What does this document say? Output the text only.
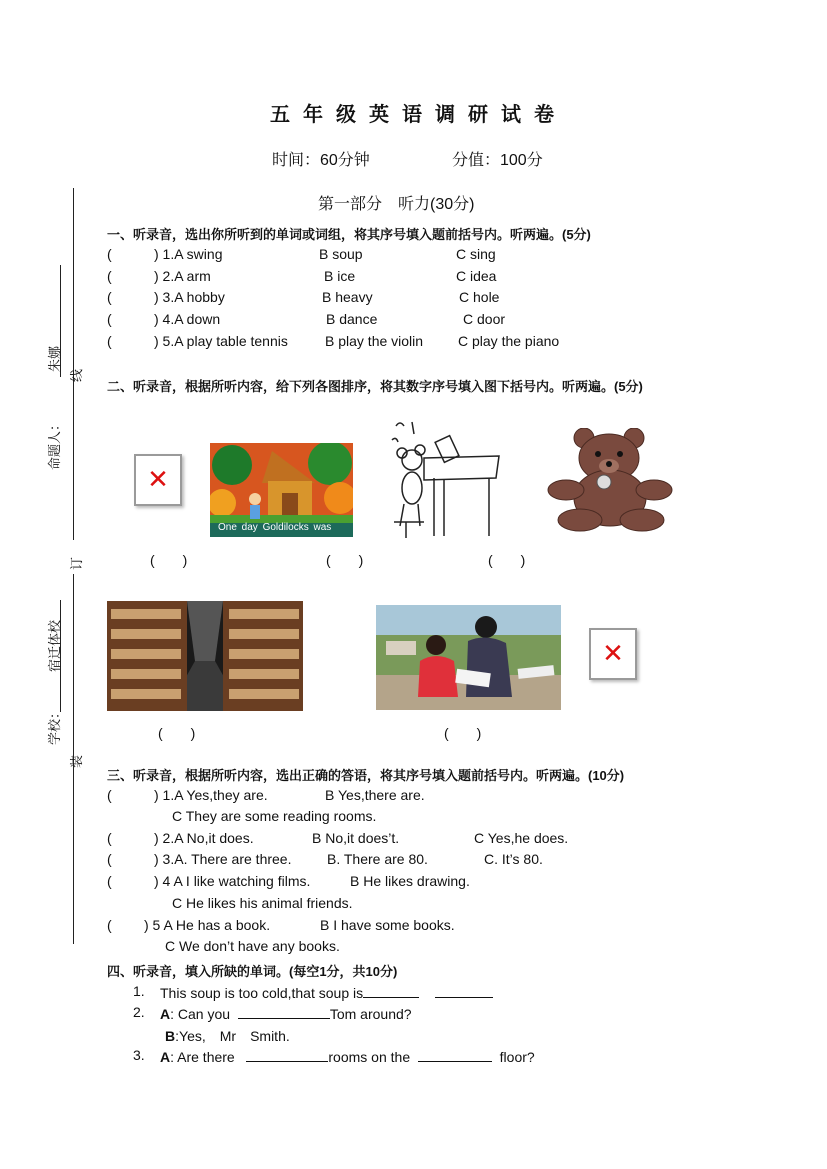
五年级英语调研试卷
时间：60分钟	分值：100分
命题人：
朱娜
学校：
宿迁体校
线
订
装
第一部分　听力(30分)
一、听录音，选出你所听到的单词或词组，将其序号填入题前括号内。听两遍。(5分)
(	) 1.A swing	B soup	C sing
(	) 2.A arm	B ice	C idea
(	) 3.A hobby	B heavy	C hole
(	) 4.A down	B dance	C door
(	) 5.A play table tennis	B play the violin C play the piano
二、听录音，根据所听内容，给下列各图排序，将其数字序号填入图下括号内。听两遍。(5分)
✕
One day Goldilocks was
(　　)	(　　)	(　　)
✕
(　　)	(　　)
三、听录音，根据所听内容，选出正确的答语，将其序号填入题前括号内。听两遍。(10分)
(	) 1.A Yes,they are.	B Yes,there are.
C They are some reading rooms.
(	) 2.A No,it does.	B No,it does’t.	C Yes,he does.
(	) 3.A. There are three.	B. There are 80.	C. It’s 80.
(	) 4 A I like watching films.	B He likes drawing.
C He likes his animal friends.
( ) 5 A He has a book.	B I have some books.
C We don’t have any books.
四、听录音，填入所缺的单词。(每空1分，共10分)
1. This soup is too cold,that soup is
2. A: Can you	Tom around?
B:Yes,　Mr　Smith.
3. A: Are there	rooms on the	floor?
